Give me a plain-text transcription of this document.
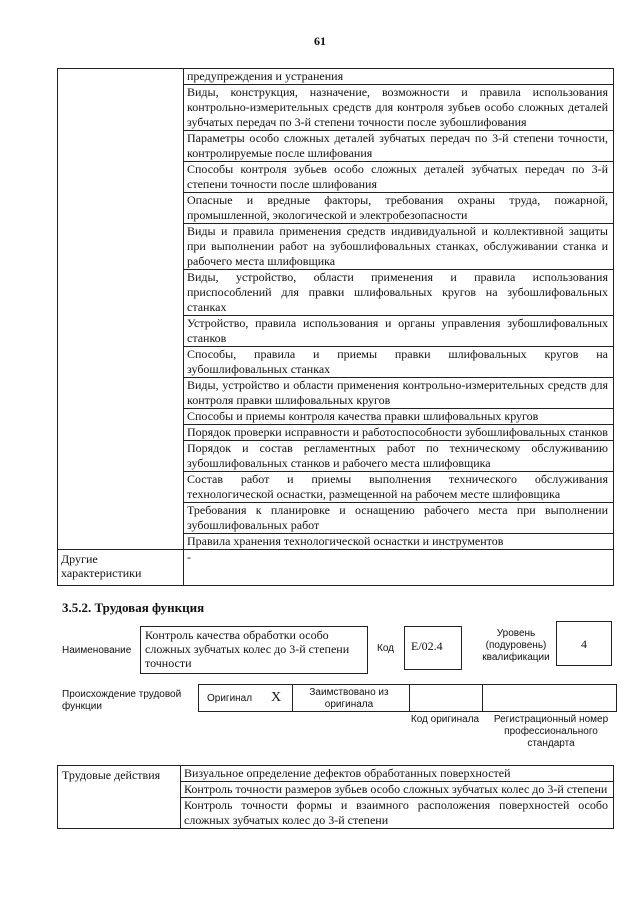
61
	предупреждения и устранения
	Виды, конструкция, назначение, возможности и правила использования контрольно-измерительных средств для контроля зубьев особо сложных деталей зубчатых передач по 3-й степени точности после зубошлифования
	Параметры особо сложных деталей зубчатых передач по 3-й степени точности, контролируемые после шлифования
	Способы контроля зубьев особо сложных деталей зубчатых передач по 3-й степени точности после шлифования
	Опасные и вредные факторы, требования охраны труда, пожарной, промышленной, экологической и электробезопасности
	Виды и правила применения средств индивидуальной и коллективной защиты при выполнении работ на зубошлифовальных станках, обслуживании станка и рабочего места шлифовщика
	Виды, устройство, области применения и правила использования приспособлений для правки шлифовальных кругов на зубошлифовальных станках
	Устройство, правила использования и органы управления зубошлифовальных станков
	Способы, правила и приемы правки шлифовальных кругов на зубошлифовальных станках
	Виды, устройство и области применения контрольно-измерительных средств для контроля правки шлифовальных кругов
	Способы и приемы контроля качества правки шлифовальных кругов
	Порядок проверки исправности и работоспособности зубошлифовальных станков
	Порядок и состав регламентных работ по техническому обслуживанию зубошлифовальных станков и рабочего места шлифовщика
	Состав работ и приемы выполнения технического обслуживания технологической оснастки, размещенной на рабочем месте шлифовщика
	Требования к планировке и оснащению рабочего места при выполнении зубошлифовальных работ
	Правила хранения технологической оснастки и инструментов
Другие характеристики	-
3.5.2. Трудовая функция
Наименование
Контроль качества обработки особо сложных зубчатых колес до 3-й степени точности
Код	E/02.4
Уровень (подуровень) квалификации
4
Происхождение трудовой функции
Оригинал X	Заимствовано из оригинала
Код оригинала	Регистрационный номер профессионального стандарта
Трудовые действия	Визуальное определение дефектов обработанных поверхностей
Контроль точности размеров зубьев особо сложных зубчатых колес до 3-й степени
Контроль точности формы и взаимного расположения поверхностей особо сложных зубчатых колес до 3-й степени
